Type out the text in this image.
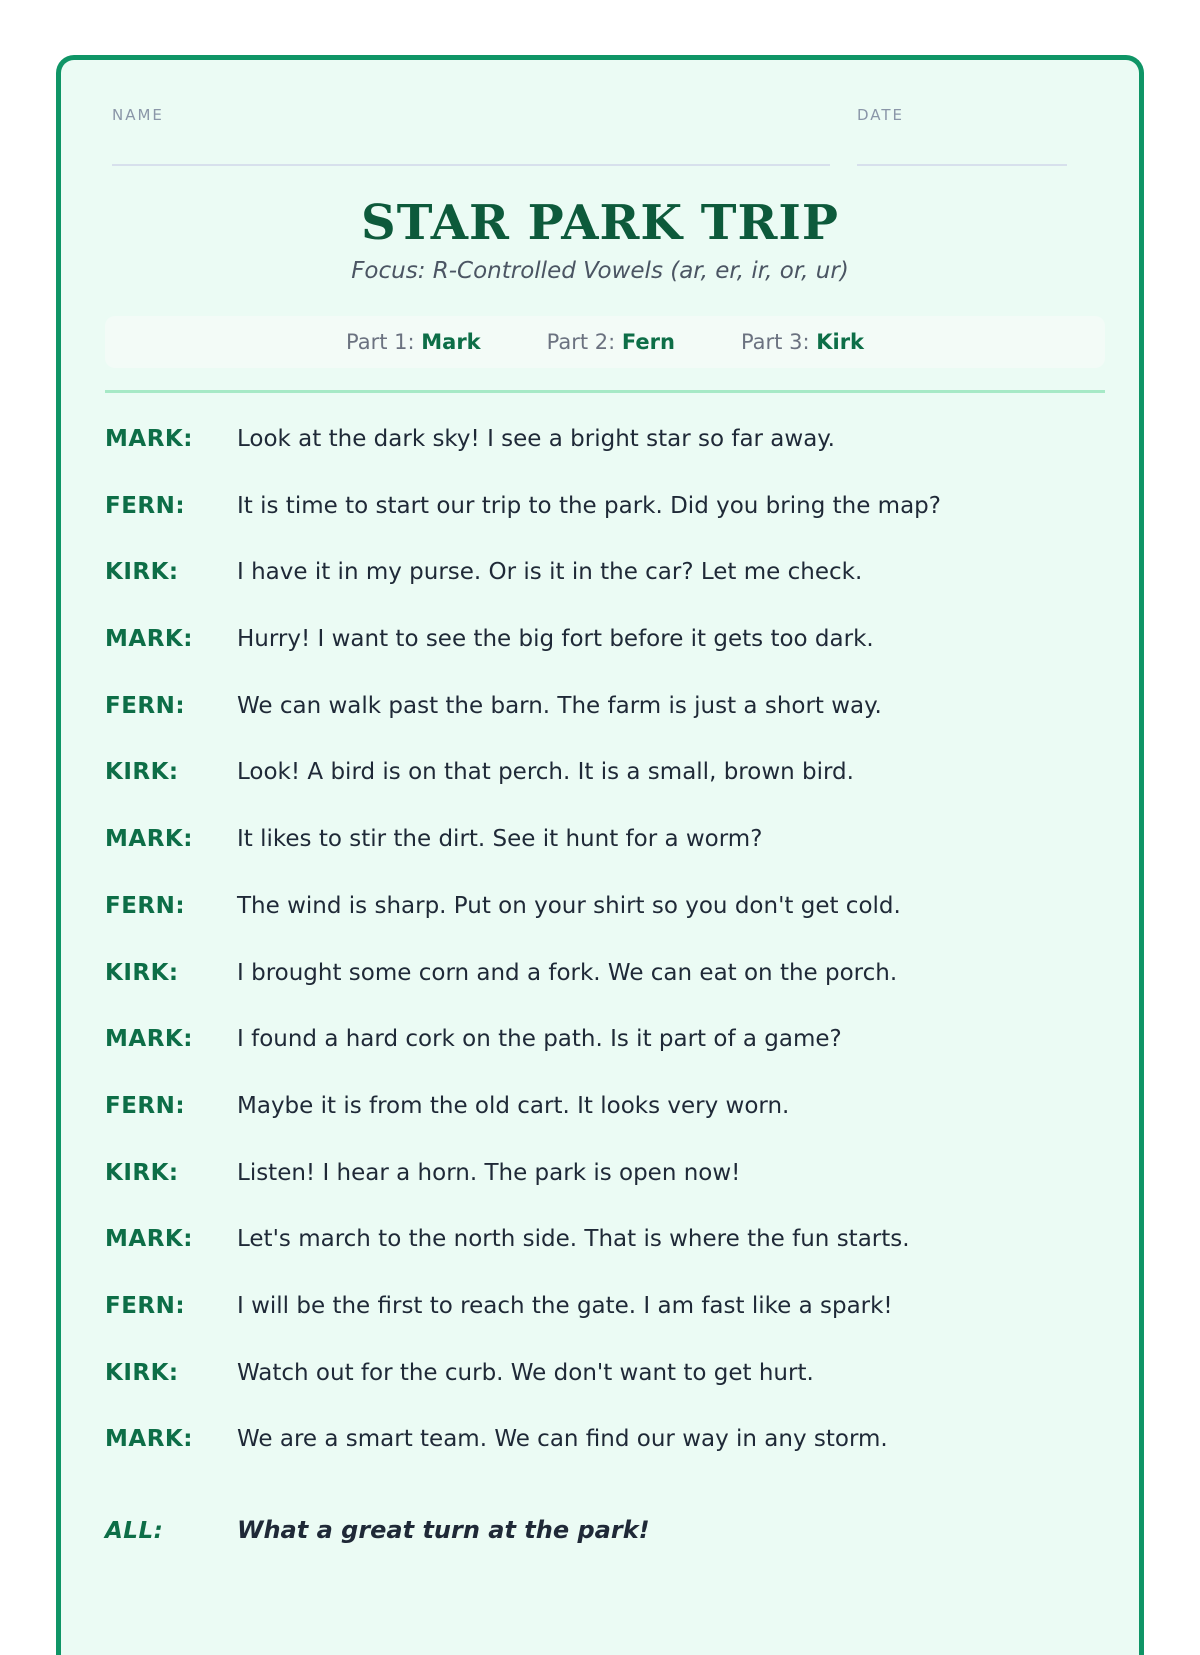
NAME	DATE
STAR PARK TRIP
Focus: R-Controlled Vowels (ar, er, ir, or, ur)
Part 1: Mark	Part 2: Fern	Part 3: Kirk
MARK:	Look at the dark sky! I see a bright star so far away.
FERN:	It is time to start our trip to the park. Did you bring the map?
KIRK:	I have it in my purse. Or is it in the car? Let me check.
MARK:	Hurry! I want to see the big fort before it gets too dark.
FERN:	We can walk past the barn. The farm is just a short way.
KIRK:	Look! A bird is on that perch. It is a small, brown bird.
MARK:	It likes to stir the dirt. See it hunt for a worm?
FERN:	The wind is sharp. Put on your shirt so you don't get cold.
KIRK:	I brought some corn and a fork. We can eat on the porch.
MARK:	I found a hard cork on the path. Is it part of a game?
FERN:	Maybe it is from the old cart. It looks very worn.
KIRK:	Listen! I hear a horn. The park is open now!
MARK:	Let's march to the north side. That is where the fun starts.
FERN:	I will be the first to reach the gate. I am fast like a spark!
KIRK:	Watch out for the curb. We don't want to get hurt.
MARK:	We are a smart team. We can find our way in any storm.
ALL:	What a great turn at the park!
